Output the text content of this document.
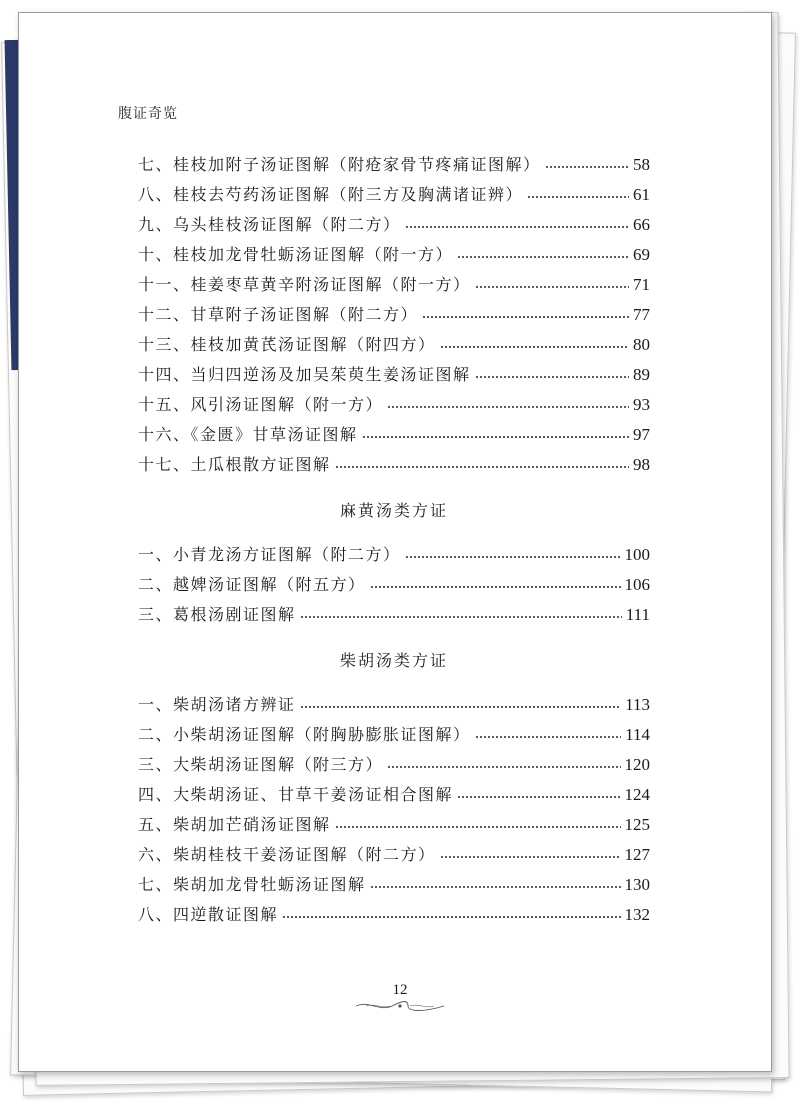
腹证奇览
七、桂枝加附子汤证图解（附疮家骨节疼痛证图解）	58
八、桂枝去芍药汤证图解（附三方及胸满诸证辨）	61
九、乌头桂枝汤证图解（附二方）	66
十、桂枝加龙骨牡蛎汤证图解（附一方）	69
十一、桂姜枣草黄辛附汤证图解（附一方）	71
十二、甘草附子汤证图解（附二方）	77
十三、桂枝加黄芪汤证图解（附四方）	80
十四、当归四逆汤及加吴茱萸生姜汤证图解	89
十五、风引汤证图解（附一方）	93
十六、《金匮》甘草汤证图解	97
十七、土瓜根散方证图解	98
麻黄汤类方证
一、小青龙汤方证图解（附二方）	100
二、越婢汤证图解（附五方）	106
三、葛根汤剧证图解	111
柴胡汤类方证
一、柴胡汤诸方辨证	113
二、小柴胡汤证图解（附胸胁膨胀证图解）	114
三、大柴胡汤证图解（附三方）	120
四、大柴胡汤证、甘草干姜汤证相合图解	124
五、柴胡加芒硝汤证图解	125
六、柴胡桂枝干姜汤证图解（附二方）	127
七、柴胡加龙骨牡蛎汤证图解	130
八、四逆散证图解	132
12
